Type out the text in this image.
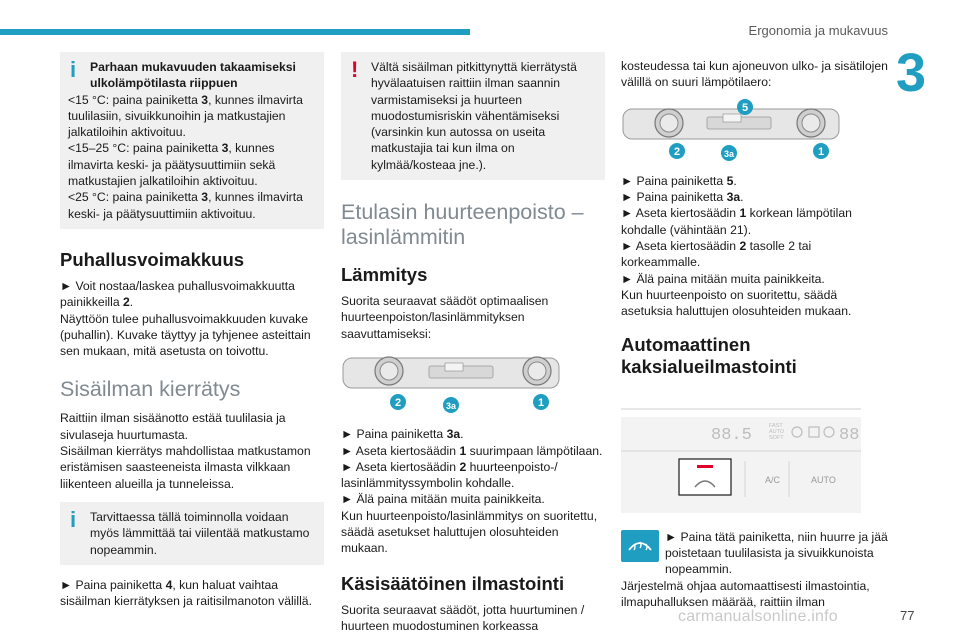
Ergonomia ja mukavuus
3
i	Parhaan mukavuuden takaamiseksi ulkolämpötilasta riippuen

<15 °C: paina painiketta 3, kunnes ilmavirta tuulilasiin, sivuikkunoihin ja matkustajien jalkatiloihin aktivoituu.

<15–25 °C: paina painiketta 3, kunnes ilmavirta keski- ja päätysuuttimiin sekä matkustajien jalkatiloihin aktivoituu.

<25 °C: paina painiketta 3, kunnes ilmavirta keski- ja päätysuuttimiin aktivoituu.

Puhallusvoimakkuus

► Voit nostaa/laskea puhallusvoimakkuutta painikkeilla 2.

Näyttöön tulee puhallusvoimakkuuden kuvake (puhallin). Kuvake täyttyy ja tyhjenee asteittain sen mukaan, mitä asetusta on toivottu.

Sisäilman kierrätys

Raittiin ilman sisäänotto estää tuulilasia ja sivulaseja huurtumasta.

Sisäilman kierrätys mahdollistaa matkustamon eristämisen saasteeneista ilmasta vilkkaan liikenteen alueilla ja tunneleissa.

i	Tarvittaessa tällä toiminnolla voidaan myös lämmittää tai viilentää matkustamo nopeammin.

► Paina painiketta 4, kun haluat vaihtaa sisäilman kierrätyksen ja raitisilmanoton välillä.

!	Vältä sisäilman pitkittynyttä kierrätystä hyvälaatuisen raittiin ilman saannin varmistamiseksi ja huurteen muodostumisriskin vähentämiseksi (varsinkin kun autossa on useita matkustajia tai kun ilma on kylmää/kosteaa jne.).

Etulasin huurteenpoisto – lasinlämmitin
Lämmitys

Suorita seuraavat säädöt optimaalisen huurteenpoiston/lasinlämmityksen saavuttamiseksi:

2	3a	1

► Paina painiketta 3a.

► Aseta kiertosäädin 1 suurimpaan lämpötilaan.

► Aseta kiertosäädin 2 huurteenpoisto-/ lasinlämmityssymbolin kohdalle.

► Älä paina mitään muita painikkeita.

Kun huurteenpoisto/lasinlämmitys on suoritettu, säädä asetukset haluttujen olosuhteiden mukaan.

Käsisäätöinen ilmastointi

Suorita seuraavat säädöt, jotta huurtuminen / huurteen muodostuminen korkeassa

kosteudessa tai kun ajoneuvon ulko- ja sisätilojen välillä on suuri lämpötilaero:

5
2	3a	1

► Paina painiketta 5.

► Paina painiketta 3a.

► Aseta kiertosäädin 1 korkean lämpötilan kohdalle (vähintään 21).

► Aseta kiertosäädin 2 tasolle 2 tai korkeammalle.

► Älä paina mitään muita painikkeita.

Kun huurteenpoisto on suoritettu, säädä asetuksia haluttujen olosuhteiden mukaan.

Automaattinen kaksialueilmastointi
88.5	FAST
AUTO
SOFT	88
A/C	AUTO

► Paina tätä painiketta, niin huurre ja jää poistetaan tuulilasista ja sivuikkunoista nopeammin.

Järjestelmä ohjaa automaattisesti ilmastointia, ilmapuhalluksen määrää, raittiin ilman

carmanualsonline.info	77
